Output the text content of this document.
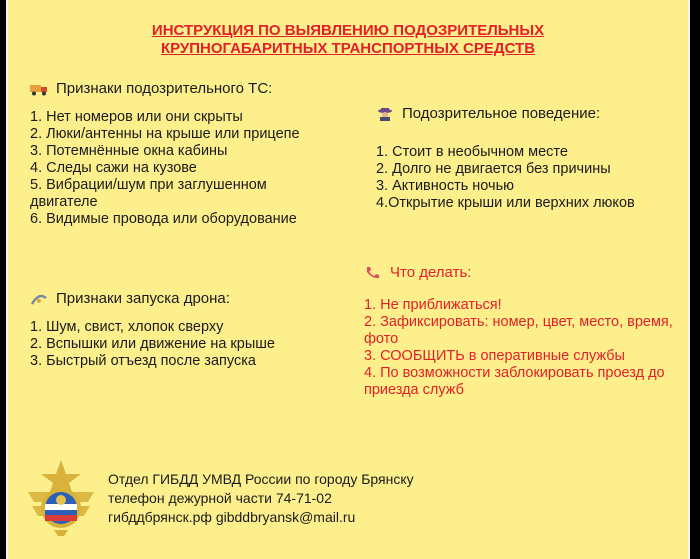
ИНСТРУКЦИЯ ПО ВЫЯВЛЕНИЮ ПОДОЗРИТЕЛЬНЫХ
КРУПНОГАБАРИТНЫХ ТРАНСПОРТНЫХ СРЕДСТВ
Признаки подозрительного ТС:
1. Нет номеров или они скрыты
2. Люки/антенны на крыше или прицепе
3. Потемнённые окна кабины
4. Следы сажи на кузове
5. Вибрации/шум при заглушенном двигателе
6. Видимые провода или оборудование
Подозрительное поведение:
1. Стоит в необычном месте
2. Долго не двигается без причины
3. Активность ночью
4.Открытие крыши или верхних люков
Признаки запуска дрона:
1. Шум, свист, хлопок сверху
2. Вспышки или движение на крыше
3. Быстрый отъезд после запуска
Что делать:
1. Не приближаться!
2. Зафиксировать: номер, цвет, место, время, фото
3. СООБЩИТЬ в оперативные службы
4. По возможности заблокировать проезд до приезда служб
Отдел ГИБДД УМВД России по городу Брянску
телефон дежурной части 74-71-02
гибддбрянск.рф gibddbryansk@mail.ru
